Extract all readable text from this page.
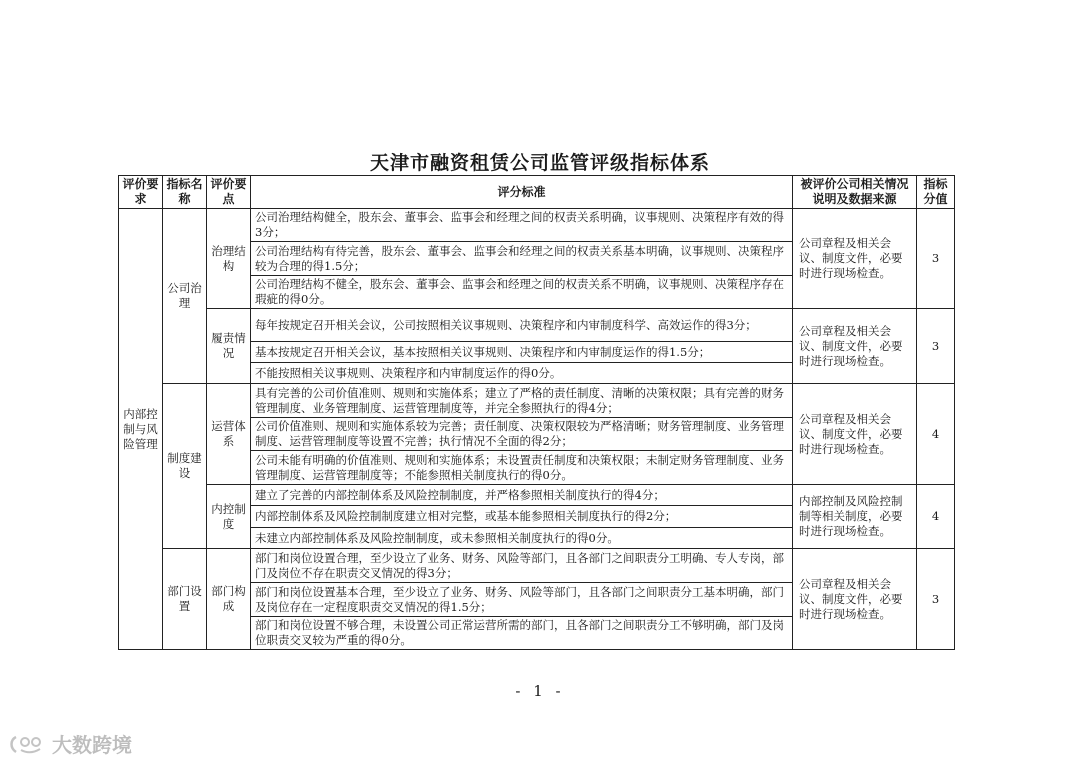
天津市融资租赁公司监管评级指标体系
评价要求	指标名称	评价要点	评分标准	被评价公司相关情况说明及数据来源	指标分值
内部控制与风险管理	公司治理	治理结构	公司治理结构健全，股东会、董事会、监事会和经理之间的权责关系明确，议事规则、决策程序有效的得3分；	公司章程及相关会议、制度文件，必要时进行现场检查。	3
			公司治理结构有待完善，股东会、董事会、监事会和经理之间的权责关系基本明确，议事规则、决策程序较为合理的得1.5分；		
			公司治理结构不健全，股东会、董事会、监事会和经理之间的权责关系不明确，议事规则、决策程序存在瑕疵的得0分。		
		履责情况	每年按规定召开相关会议，公司按照相关议事规则、决策程序和内审制度科学、高效运作的得3分；	公司章程及相关会议、制度文件，必要时进行现场检查。	3
			基本按规定召开相关会议，基本按照相关议事规则、决策程序和内审制度运作的得1.5分；		
			不能按照相关议事规则、决策程序和内审制度运作的得0分。		
	制度建设	运营体系	具有完善的公司价值准则、规则和实施体系；建立了严格的责任制度、清晰的决策权限；具有完善的财务管理制度、业务管理制度、运营管理制度等，并完全参照执行的得4分；	公司章程及相关会议、制度文件，必要时进行现场检查。	4
			公司价值准则、规则和实施体系较为完善；责任制度、决策权限较为严格清晰；财务管理制度、业务管理制度、运营管理制度等设置不完善；执行情况不全面的得2分；		
			公司未能有明确的价值准则、规则和实施体系；未设置责任制度和决策权限；未制定财务管理制度、业务管理制度、运营管理制度等；不能参照相关制度执行的得0分。		
		内控制度	建立了完善的内部控制体系及风险控制制度，并严格参照相关制度执行的得4分；	内部控制及风险控制制等相关制度，必要时进行现场检查。	4
			内部控制体系及风险控制制度建立相对完整，或基本能参照相关制度执行的得2分；		
			未建立内部控制体系及风险控制制度，或未参照相关制度执行的得0分。		
	部门设置	部门构成	部门和岗位设置合理，至少设立了业务、财务、风险等部门，且各部门之间职责分工明确、专人专岗，部门及岗位不存在职责交叉情况的得3分；	公司章程及相关会议、制度文件，必要时进行现场检查。	3
			部门和岗位设置基本合理，至少设立了业务、财务、风险等部门，且各部门之间职责分工基本明确，部门及岗位存在一定程度职责交叉情况的得1.5分；		
			部门和岗位设置不够合理，未设置公司正常运营所需的部门，且各部门之间职责分工不够明确，部门及岗位职责交叉较为严重的得0分。		
- 1 -
大数跨境
